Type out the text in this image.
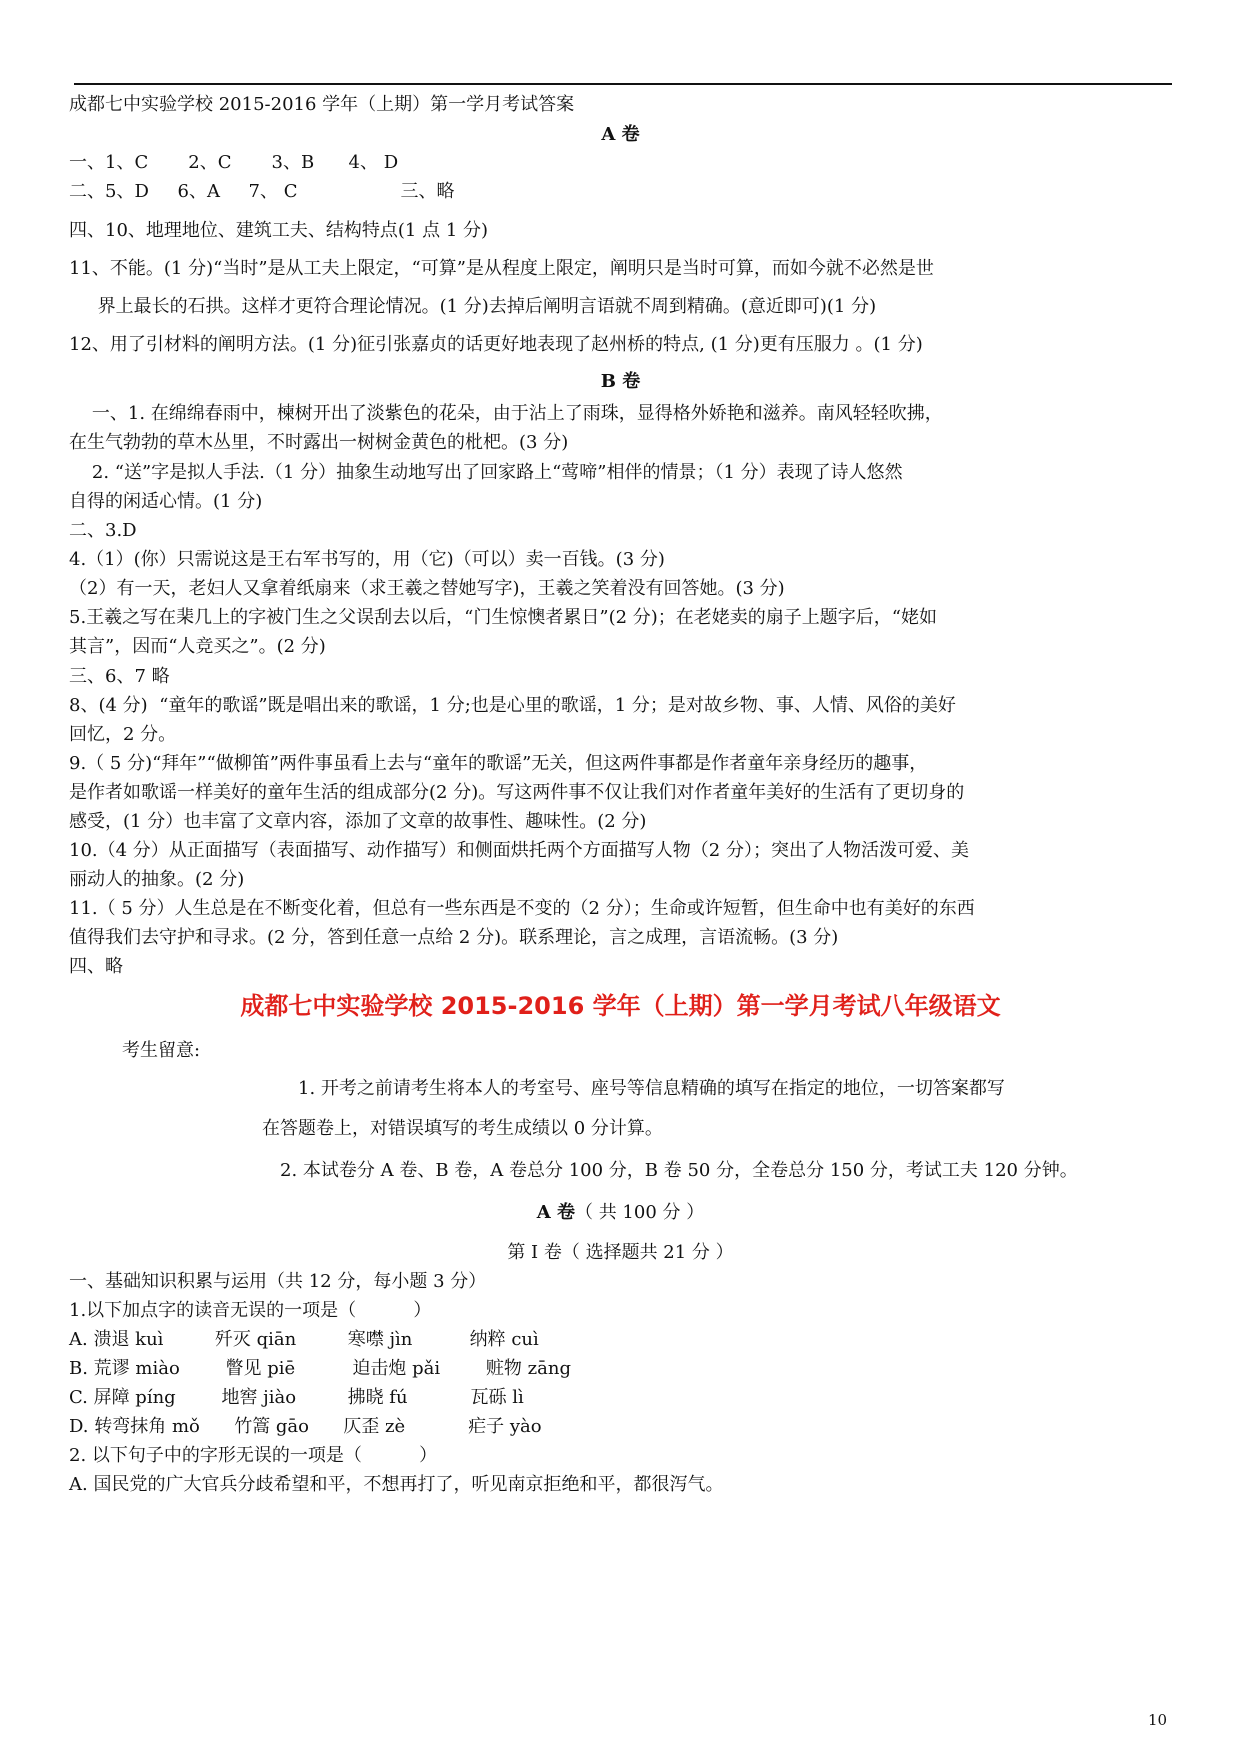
成都七中实验学校 2015-2016 学年（上期）第一学月考试答案
A 卷
一、1、C       2、C       3、B      4、 D
二、5、D     6、A     7、 C                  三、略
四、10、地理地位、建筑工夫、结构特点(1 点 1 分)
11、不能。(1 分)“当时”是从工夫上限定，“可算”是从程度上限定，阐明只是当时可算，而如今就不必然是世
界上最长的石拱。这样才更符合理论情况。(1 分)去掉后阐明言语就不周到精确。(意近即可)(1 分)
12、用了引材料的阐明方法。(1 分)征引张嘉贞的话更好地表现了赵州桥的特点, (1 分)更有压服力 。(1 分)
B 卷
一、1. 在绵绵春雨中，楝树开出了淡紫色的花朵，由于沾上了雨珠，显得格外娇艳和滋养。南风轻轻吹拂，
在生气勃勃的草木丛里，不时露出一树树金黄色的枇杷。(3 分)
2. “送”字是拟人手法.（1 分）抽象生动地写出了回家路上“莺啼”相伴的情景；（1 分）表现了诗人悠然
自得的闲适心情。(1 分)
二、3.D
4.（1）(你）只需说这是王右军书写的，用（它)（可以）卖一百钱。(3 分)
（2）有一天，老妇人又拿着纸扇来（求王羲之替她写字)，王羲之笑着没有回答她。(3 分)
5.王羲之写在棐几上的字被门生之父误刮去以后，“门生惊懊者累日”(2 分)；在老姥卖的扇子上题字后，“姥如
其言”，因而“人竞买之”。(2 分)
三、6、7 略
8、(4 分)  “童年的歌谣”既是唱出来的歌谣，1 分;也是心里的歌谣，1 分；是对故乡物、事、人情、风俗的美好
回忆，2 分。
9.（ 5 分)“拜年”“做柳笛”两件事虽看上去与“童年的歌谣”无关，但这两件事都是作者童年亲身经历的趣事，
是作者如歌谣一样美好的童年生活的组成部分(2 分)。写这两件事不仅让我们对作者童年美好的生活有了更切身的
感受，(1 分）也丰富了文章内容，添加了文章的故事性、趣味性。(2 分)
10.（4 分）从正面描写（表面描写、动作描写）和侧面烘托两个方面描写人物（2 分）；突出了人物活泼可爱、美
丽动人的抽象。(2 分)
11.（ 5 分）人生总是在不断变化着，但总有一些东西是不变的（2 分）；生命或许短暂，但生命中也有美好的东西
值得我们去守护和寻求。(2 分，答到任意一点给 2 分)。联系理论，言之成理，言语流畅。(3 分)
四、略
成都七中实验学校 2015-2016 学年（上期）第一学月考试八年级语文
考生留意:
1. 开考之前请考生将本人的考室号、座号等信息精确的填写在指定的地位，一切答案都写
在答题卷上，对错误填写的考生成绩以 0 分计算。
2. 本试卷分 A 卷、B 卷，A 卷总分 100 分，B 卷 50 分，全卷总分 150 分，考试工夫 120 分钟。
A 卷（ 共 100 分 ）
第 I 卷（ 选择题共 21 分 ）
一、基础知识积累与运用（共 12 分，每小题 3 分）
1.以下加点字的读音无误的一项是（          ）
A. 溃退 kuì         歼灭 qiān         寒噤 jìn          纳粹 cuì
B. 荒谬 miào        瞥见 piē          迫击炮 pǎi        赃物 zāng
C. 屏障 píng        地窖 jiào         拂晓 fú           瓦砾 lì
D. 转弯抹角 mǒ      竹篙 gāo      仄歪 zè           疟子 yào
2. 以下句子中的字形无误的一项是（          ）
A. 国民党的广大官兵分歧希望和平，不想再打了，听见南京拒绝和平，都很泻气。
10
